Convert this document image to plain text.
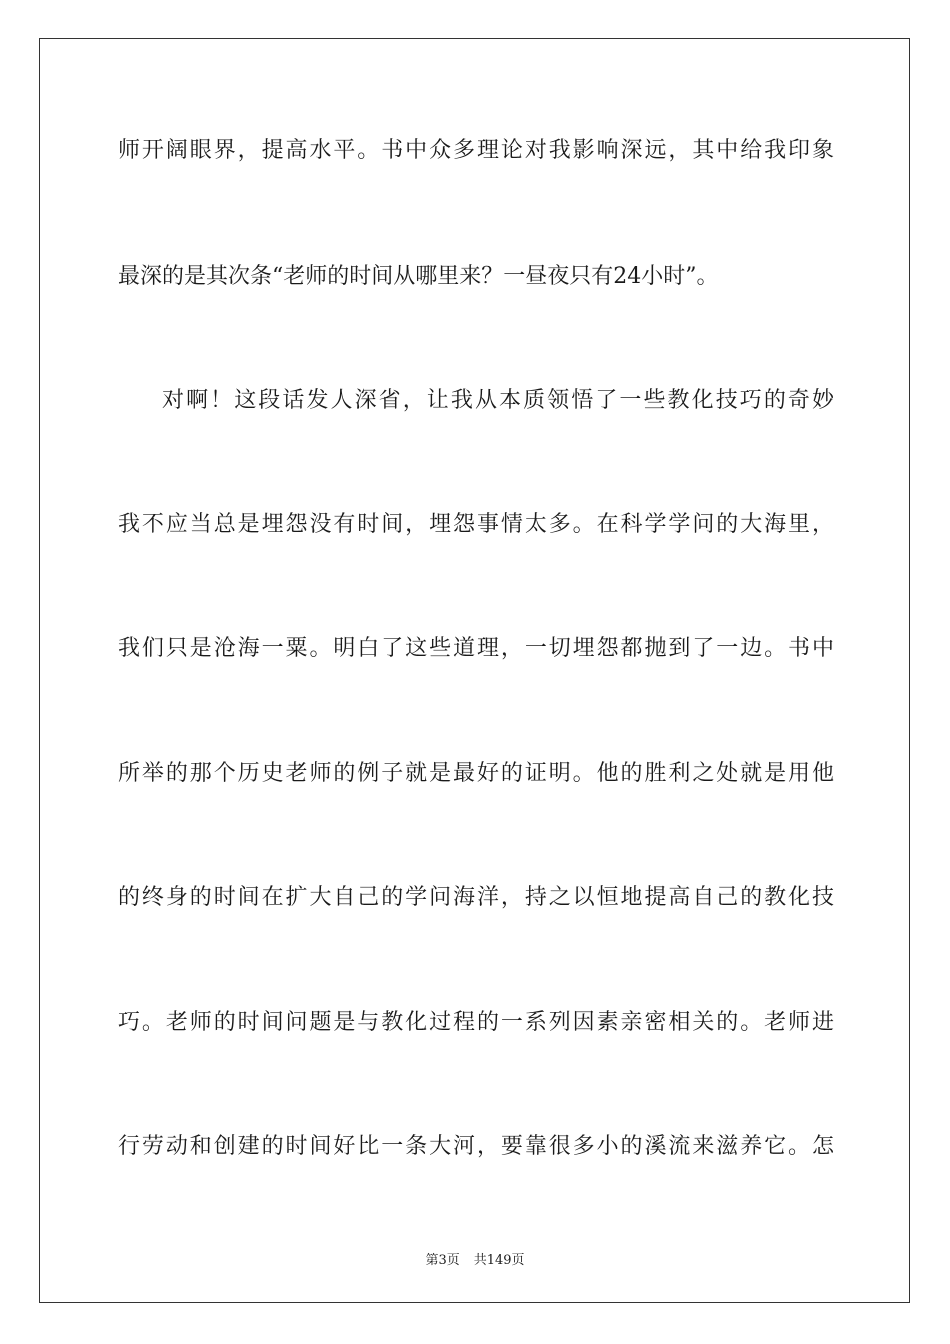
师开阔眼界，提高水平。书中众多理论对我影响深远，其中给我印象
最深的是其次条“老师的时间从哪里来？一昼夜只有24小时”。
对啊！这段话发人深省，让我从本质领悟了一些教化技巧的奇妙
我不应当总是埋怨没有时间，埋怨事情太多。在科学学问的大海里，
我们只是沧海一粟。明白了这些道理，一切埋怨都抛到了一边。书中
所举的那个历史老师的例子就是最好的证明。他的胜利之处就是用他
的终身的时间在扩大自己的学问海洋，持之以恒地提高自己的教化技
巧。老师的时间问题是与教化过程的一系列因素亲密相关的。老师进
行劳动和创建的时间好比一条大河，要靠很多小的溪流来滋养它。怎
第3页 共149页
